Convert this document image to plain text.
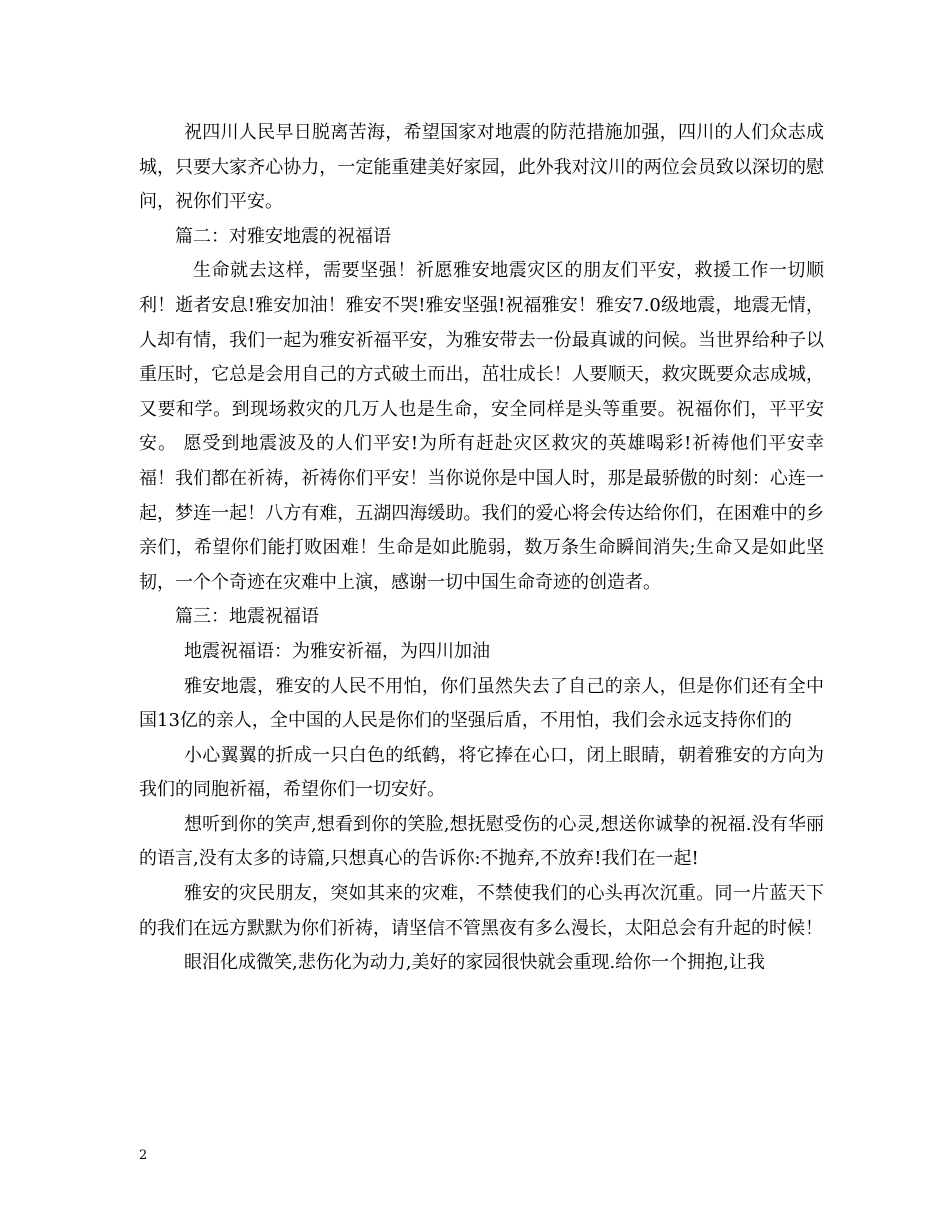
祝四川人民早日脱离苦海，希望国家对地震的防范措施加强，四川的人们众志成城，只要大家齐心协力，一定能重建美好家园，此外我对汶川的两位会员致以深切的慰问，祝你们平安。

篇二：对雅安地震的祝福语

生命就去这样，需要坚强！祈愿雅安地震灾区的朋友们平安，救援工作一切顺利！逝者安息!雅安加油！雅安不哭!雅安坚强!祝福雅安！雅安7.0级地震，地震无情，人却有情，我们一起为雅安祈福平安，为雅安带去一份最真诚的问候。当世界给种子以重压时，它总是会用自己的方式破土而出，茁壮成长！人要顺天，救灾既要众志成城，又要和学。到现场救灾的几万人也是生命，安全同样是头等重要。祝福你们，平平安安。 愿受到地震波及的人们平安!为所有赶赴灾区救灾的英雄喝彩!祈祷他们平安幸福！我们都在祈祷，祈祷你们平安！当你说你是中国人时，那是最骄傲的时刻：心连一起，梦连一起！八方有难，五湖四海缓助。我们的爱心将会传达给你们，在困难中的乡亲们，希望你们能打败困难！生命是如此脆弱，数万条生命瞬间消失;生命又是如此坚韧，一个个奇迹在灾难中上演，感谢一切中国生命奇迹的创造者。

篇三：地震祝福语

地震祝福语：为雅安祈福，为四川加油

雅安地震，雅安的人民不用怕，你们虽然失去了自己的亲人，但是你们还有全中国13亿的亲人，全中国的人民是你们的坚强后盾，不用怕，我们会永远支持你们的

小心翼翼的折成一只白色的纸鹤，将它捧在心口，闭上眼睛，朝着雅安的方向为我们的同胞祈福，希望你们一切安好。

想听到你的笑声,想看到你的笑脸,想抚慰受伤的心灵,想送你诚挚的祝福.没有华丽的语言,没有太多的诗篇,只想真心的告诉你:不抛弃,不放弃!我们在一起!

雅安的灾民朋友，突如其来的灾难，不禁使我们的心头再次沉重。同一片蓝天下的我们在远方默默为你们祈祷，请坚信不管黑夜有多么漫长，太阳总会有升起的时候！

眼泪化成微笑,悲伤化为动力,美好的家园很快就会重现.给你一个拥抱,让我

2
